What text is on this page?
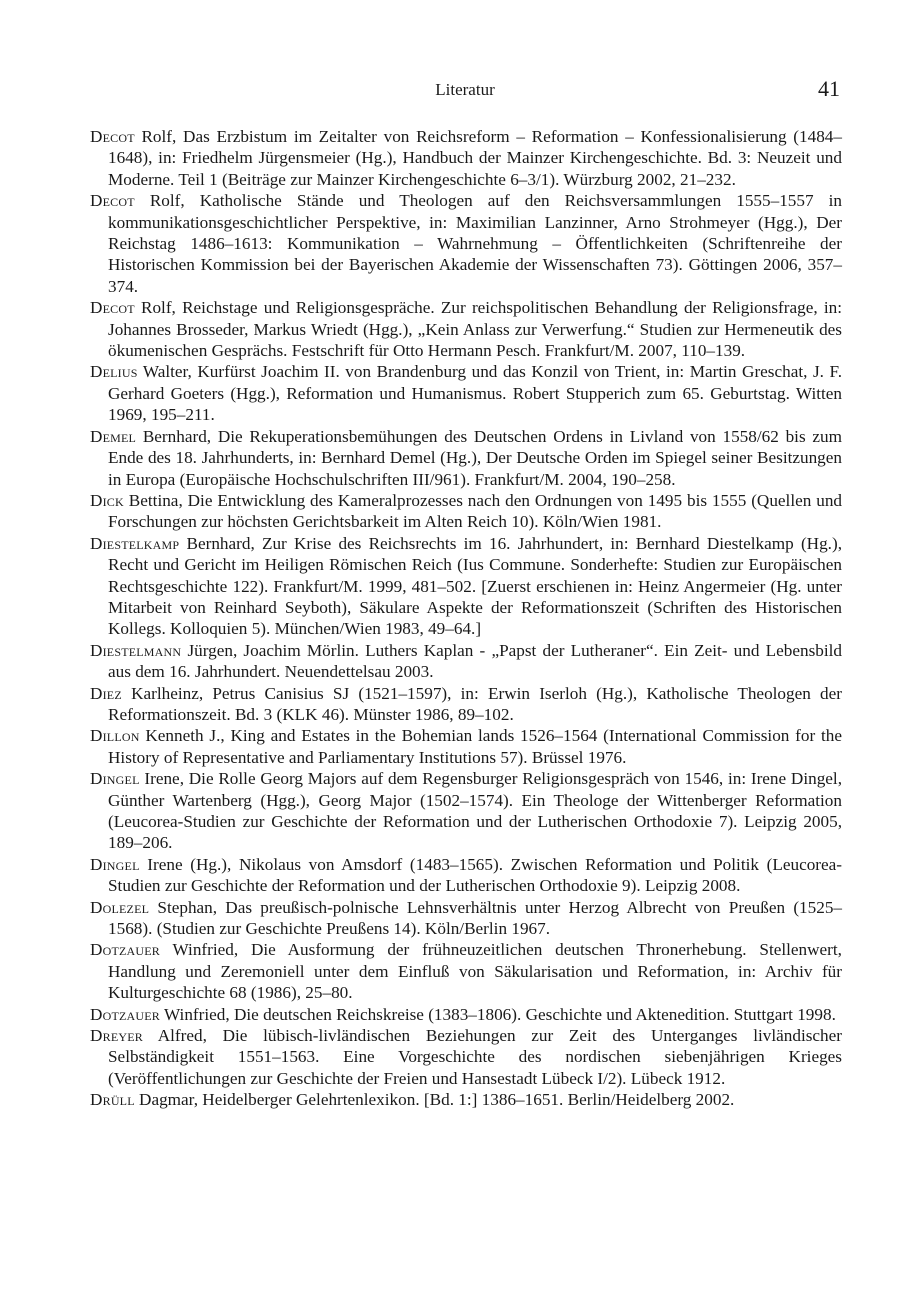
Literatur	41

Decot Rolf, Das Erzbistum im Zeitalter von Reichsreform – Reformation – Konfessionalisierung (1484–1648), in: Friedhelm Jürgensmeier (Hg.), Handbuch der Mainzer Kirchengeschichte. Bd. 3: Neuzeit und Moderne. Teil 1 (Beiträge zur Mainzer Kirchengeschichte 6–3/1). Würzburg 2002, 21–232.

Decot Rolf, Katholische Stände und Theologen auf den Reichsversammlungen 1555–1557 in kommunikationsgeschichtlicher Perspektive, in: Maximilian Lanzinner, Arno Strohmeyer (Hgg.), Der Reichstag 1486–1613: Kommunikation – Wahrnehmung – Öffentlichkeiten (Schriftenreihe der Historischen Kommission bei der Bayerischen Akademie der Wissenschaften 73). Göttingen 2006, 357–374.

Decot Rolf, Reichstage und Religionsgespräche. Zur reichspolitischen Behandlung der Religionsfrage, in: Johannes Brosseder, Markus Wriedt (Hgg.), „Kein Anlass zur Verwerfung.“ Studien zur Hermeneutik des ökumenischen Gesprächs. Festschrift für Otto Hermann Pesch. Frankfurt/M. 2007, 110–139.

Delius Walter, Kurfürst Joachim II. von Brandenburg und das Konzil von Trient, in: Martin Greschat, J. F. Gerhard Goeters (Hgg.), Reformation und Humanismus. Robert Stupperich zum 65. Geburtstag. Witten 1969, 195–211.

Demel Bernhard, Die Rekuperationsbemühungen des Deutschen Ordens in Livland von 1558/62 bis zum Ende des 18. Jahrhunderts, in: Bernhard Demel (Hg.), Der Deutsche Orden im Spiegel seiner Besitzungen in Europa (Europäische Hochschulschriften III/961). Frankfurt/M. 2004, 190–258.

Dick Bettina, Die Entwicklung des Kameralprozesses nach den Ordnungen von 1495 bis 1555 (Quellen und Forschungen zur höchsten Gerichtsbarkeit im Alten Reich 10). Köln/Wien 1981.

Diestelkamp Bernhard, Zur Krise des Reichsrechts im 16. Jahrhundert, in: Bernhard Diestelkamp (Hg.), Recht und Gericht im Heiligen Römischen Reich (Ius Commune. Sonderhefte: Studien zur Europäischen Rechtsgeschichte 122). Frankfurt/M. 1999, 481–502. [Zuerst erschienen in: Heinz Angermeier (Hg. unter Mitarbeit von Reinhard Seyboth), Säkulare Aspekte der Reformationszeit (Schriften des Historischen Kollegs. Kolloquien 5). München/Wien 1983, 49–64.]

Diestelmann Jürgen, Joachim Mörlin. Luthers Kaplan - „Papst der Lutheraner“. Ein Zeit- und Lebensbild aus dem 16. Jahrhundert. Neuendettelsau 2003.

Diez Karlheinz, Petrus Canisius SJ (1521–1597), in: Erwin Iserloh (Hg.), Katholische Theologen der Reformationszeit. Bd. 3 (KLK 46). Münster 1986, 89–102.

Dillon Kenneth J., King and Estates in the Bohemian lands 1526–1564 (International Commission for the History of Representative and Parliamentary Institutions 57). Brüssel 1976.

Dingel Irene, Die Rolle Georg Majors auf dem Regensburger Religionsgespräch von 1546, in: Irene Dingel, Günther Wartenberg (Hgg.), Georg Major (1502–1574). Ein Theologe der Wittenberger Reformation (Leucorea-Studien zur Geschichte der Reformation und der Lutherischen Orthodoxie 7). Leipzig 2005, 189–206.

Dingel Irene (Hg.), Nikolaus von Amsdorf (1483–1565). Zwischen Reformation und Politik (Leucorea-Studien zur Geschichte der Reformation und der Lutherischen Orthodoxie 9). Leipzig 2008.

Dolezel Stephan, Das preußisch-polnische Lehnsverhältnis unter Herzog Albrecht von Preußen (1525–1568). (Studien zur Geschichte Preußens 14). Köln/Berlin 1967.

Dotzauer Winfried, Die Ausformung der frühneuzeitlichen deutschen Thronerhebung. Stellenwert, Handlung und Zeremoniell unter dem Einfluß von Säkularisation und Reformation, in: Archiv für Kulturgeschichte 68 (1986), 25–80.

Dotzauer Winfried, Die deutschen Reichskreise (1383–1806). Geschichte und Aktenedition. Stuttgart 1998.

Dreyer Alfred, Die lübisch-livländischen Beziehungen zur Zeit des Unterganges livländischer Selbständigkeit 1551–1563. Eine Vorgeschichte des nordischen siebenjährigen Krieges (Veröffentlichungen zur Geschichte der Freien und Hansestadt Lübeck I/2). Lübeck 1912.

Drüll Dagmar, Heidelberger Gelehrtenlexikon. [Bd. 1:] 1386–1651. Berlin/Heidelberg 2002.
